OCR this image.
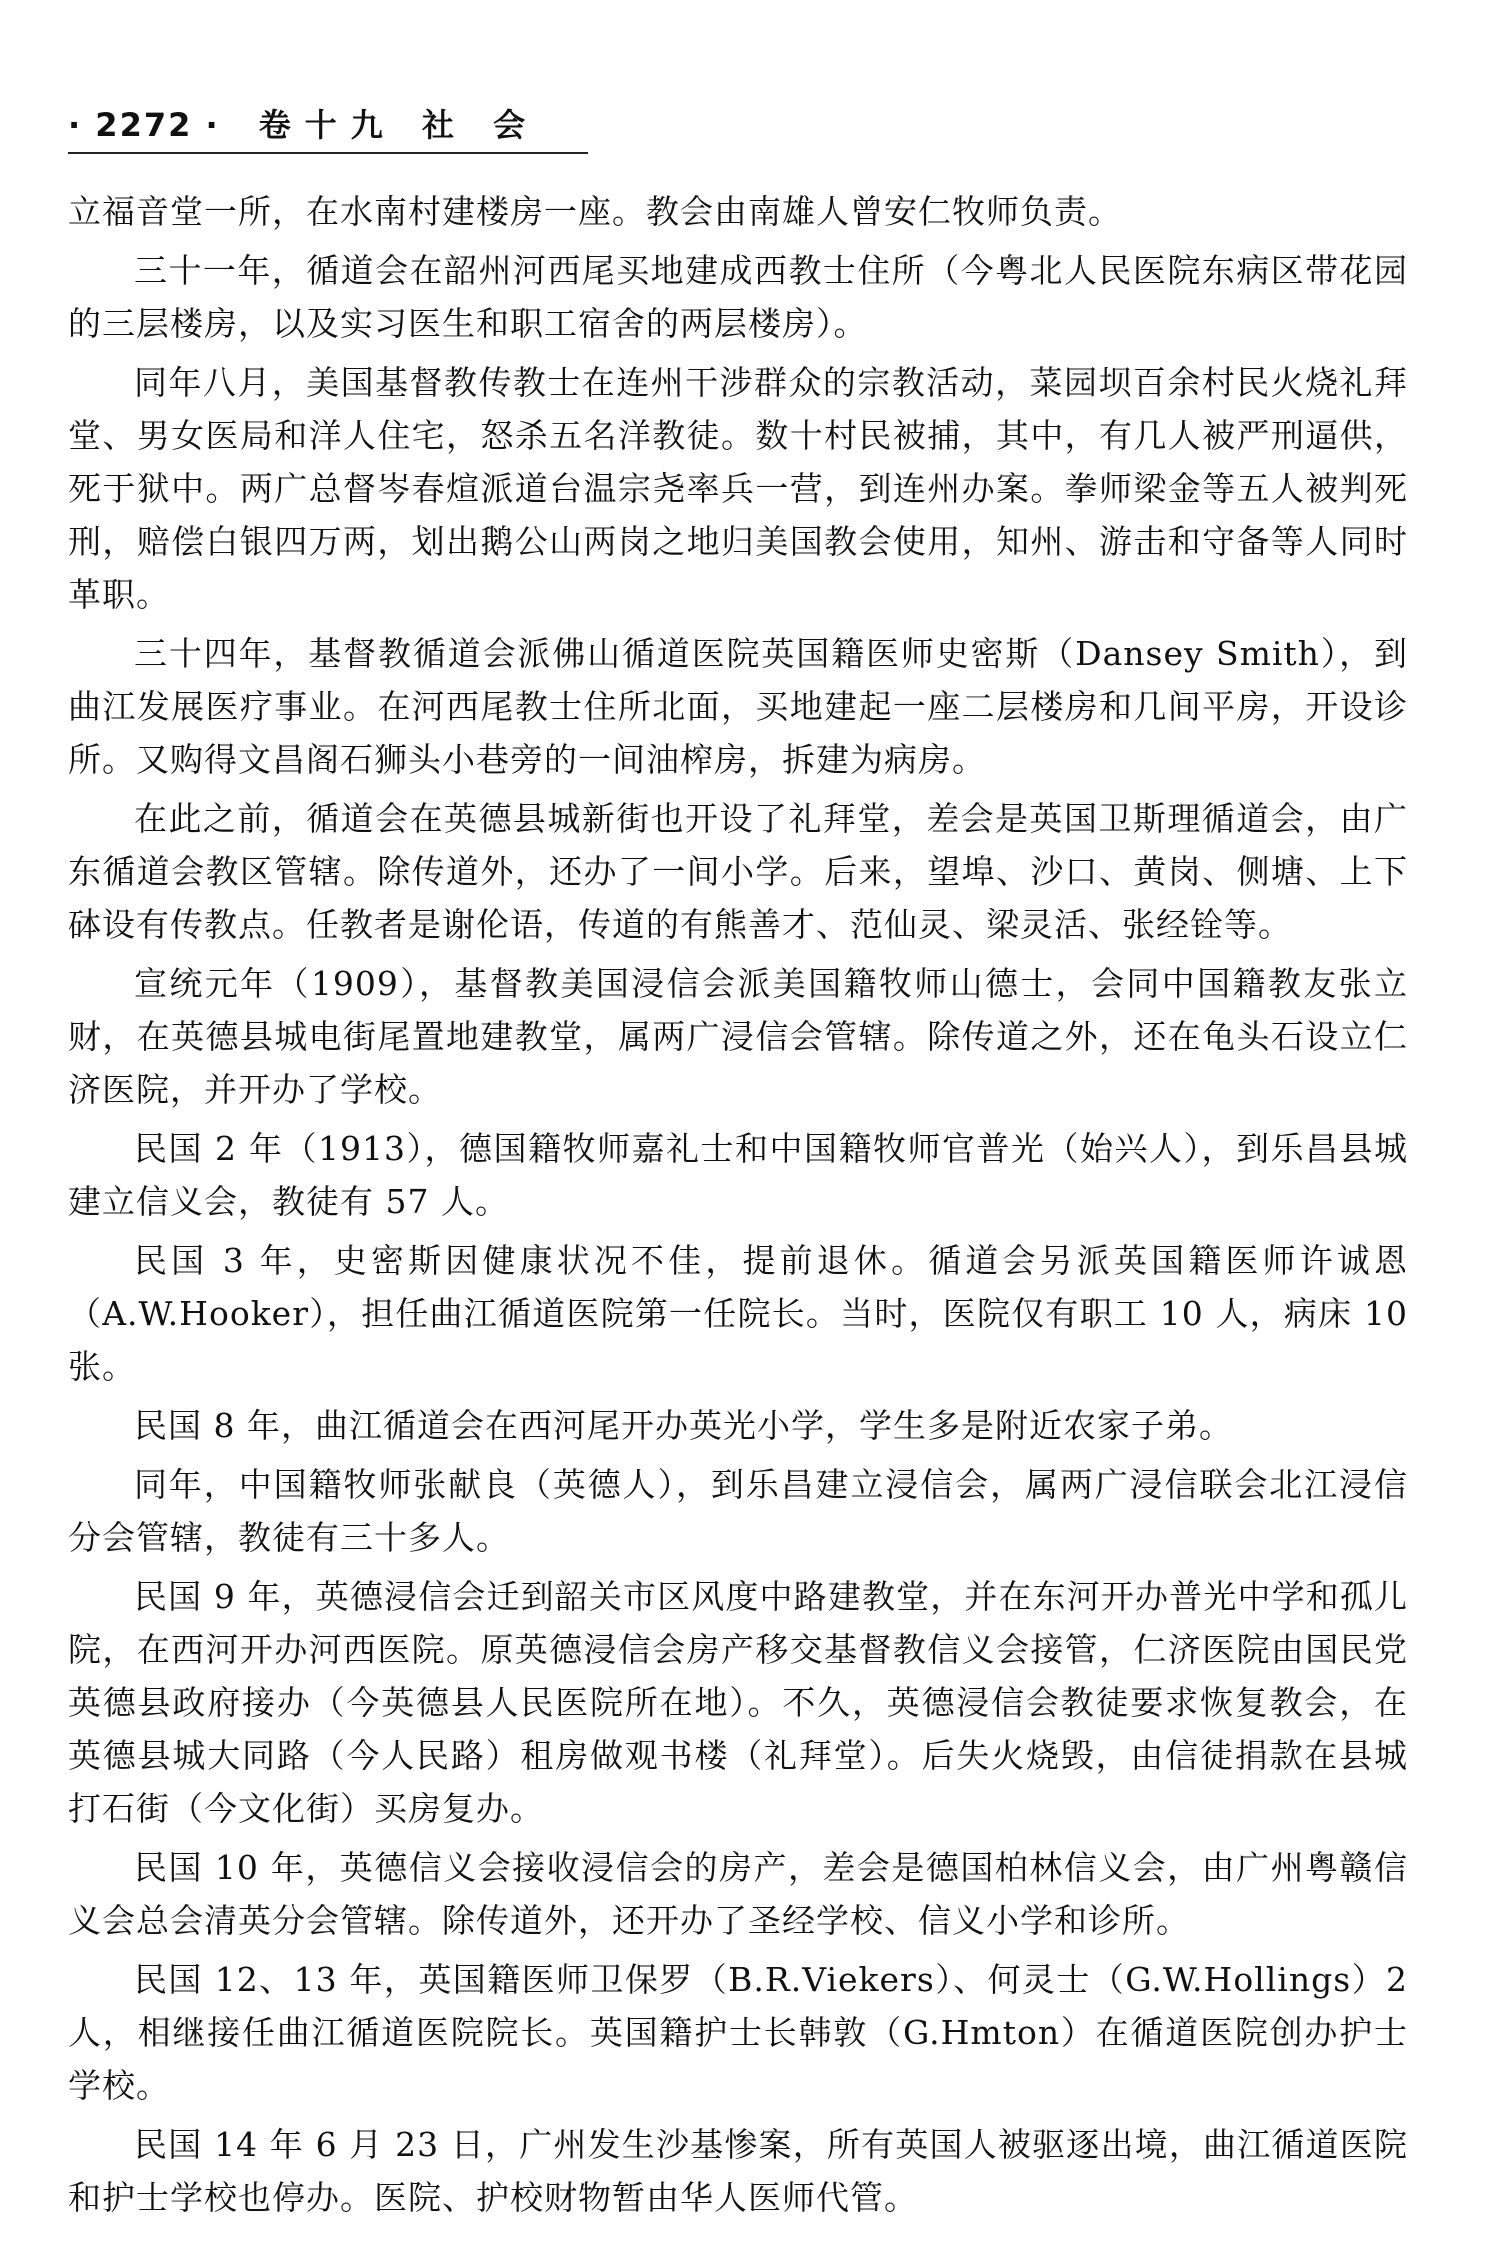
· 2272 · 卷十九 社 会

立福音堂一所，在水南村建楼房一座。教会由南雄人曾安仁牧师负责。

三十一年，循道会在韶州河西尾买地建成西教士住所（今粤北人民医院东病区带花园的三层楼房，以及实习医生和职工宿舍的两层楼房）。

同年八月，美国基督教传教士在连州干涉群众的宗教活动，菜园坝百余村民火烧礼拜堂、男女医局和洋人住宅，怒杀五名洋教徒。数十村民被捕，其中，有几人被严刑逼供，死于狱中。两广总督岑春煊派道台温宗尧率兵一营，到连州办案。拳师梁金等五人被判死刑，赔偿白银四万两，划出鹅公山两岗之地归美国教会使用，知州、游击和守备等人同时革职。

三十四年，基督教循道会派佛山循道医院英国籍医师史密斯（Dansey Smith），到曲江发展医疗事业。在河西尾教士住所北面，买地建起一座二层楼房和几间平房，开设诊所。又购得文昌阁石狮头小巷旁的一间油榨房，拆建为病房。

在此之前，循道会在英德县城新街也开设了礼拜堂，差会是英国卫斯理循道会，由广东循道会教区管辖。除传道外，还办了一间小学。后来，望埠、沙口、黄岗、侧塘、上下砵设有传教点。任教者是谢伦语，传道的有熊善才、范仙灵、梁灵活、张经铨等。

宣统元年（1909），基督教美国浸信会派美国籍牧师山德士，会同中国籍教友张立财，在英德县城电街尾置地建教堂，属两广浸信会管辖。除传道之外，还在龟头石设立仁济医院，并开办了学校。

民国 2 年（1913），德国籍牧师嘉礼士和中国籍牧师官普光（始兴人），到乐昌县城建立信义会，教徒有 57 人。

民国 3 年，史密斯因健康状况不佳，提前退休。循道会另派英国籍医师许诚恩（A.W.Hooker），担任曲江循道医院第一任院长。当时，医院仅有职工 10 人，病床 10 张。

民国 8 年，曲江循道会在西河尾开办英光小学，学生多是附近农家子弟。

同年，中国籍牧师张献良（英德人），到乐昌建立浸信会，属两广浸信联会北江浸信分会管辖，教徒有三十多人。

民国 9 年，英德浸信会迁到韶关市区风度中路建教堂，并在东河开办普光中学和孤儿院，在西河开办河西医院。原英德浸信会房产移交基督教信义会接管，仁济医院由国民党英德县政府接办（今英德县人民医院所在地）。不久，英德浸信会教徒要求恢复教会，在英德县城大同路（今人民路）租房做观书楼（礼拜堂）。后失火烧毁，由信徒捐款在县城打石街（今文化街）买房复办。

民国 10 年，英德信义会接收浸信会的房产，差会是德国柏林信义会，由广州粤赣信义会总会清英分会管辖。除传道外，还开办了圣经学校、信义小学和诊所。

民国 12、13 年，英国籍医师卫保罗（B.R.Viekers）、何灵士（G.W.Hollings）2 人，相继接任曲江循道医院院长。英国籍护士长韩敦（G.Hmton）在循道医院创办护士学校。

民国 14 年 6 月 23 日，广州发生沙基惨案，所有英国人被驱逐出境，曲江循道医院和护士学校也停办。医院、护校财物暂由华人医师代管。
